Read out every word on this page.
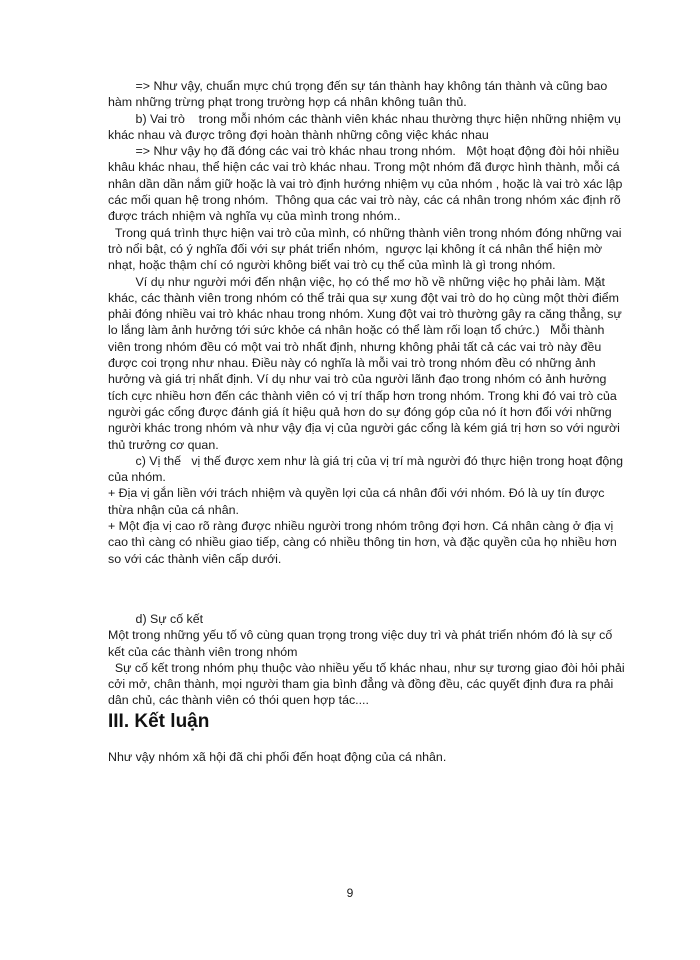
=> Như vậy, chuẩn mực chú trọng đến sự tán thành hay không tán thành và cũng bao hàm những trừng phạt trong trường hợp cá nhân không tuân thủ.

b) Vai trò    trong mỗi nhóm các thành viên khác nhau thường thực hiện những nhiệm vụ khác nhau và được trông đợi hoàn thành những công việc khác nhau

=> Như vậy họ đã đóng các vai trò khác nhau trong nhóm.   Một hoạt động đòi hỏi nhiều khâu khác nhau, thể hiện các vai trò khác nhau. Trong một nhóm đã được hình thành, mỗi cá nhân dần dần nắm giữ hoặc là vai trò định hướng nhiệm vụ của nhóm , hoặc là vai trò xác lập các mối quan hệ trong nhóm.  Thông qua các vai trò này, các cá nhân trong nhóm xác định rõ được trách nhiệm và nghĩa vụ của mình trong nhóm..

Trong quá trình thực hiện vai trò của mình, có những thành viên trong nhóm đóng những vai trò nổi bật, có ý nghĩa đối với sự phát triển nhóm,  ngược lại không ít cá nhân thể hiện mờ nhạt, hoặc thậm chí có người không biết vai trò cụ thể của mình là gì trong nhóm.

Ví dụ như người mới đến nhận việc, họ có thể mơ hồ về những việc họ phải làm. Mặt khác, các thành viên trong nhóm có thể trải qua sự xung đột vai trò do họ cùng một thời điểm phải đóng nhiều vai trò khác nhau trong nhóm. Xung đột vai trò thường gây ra căng thẳng, sự lo lắng làm ảnh hưởng tới sức khỏe cá nhân hoặc có thể làm rối loạn tổ chức.)   Mỗi thành viên trong nhóm đều có một vai trò nhất định, nhưng không phải tất cả các vai trò này đều được coi trọng như nhau. Điều này có nghĩa là mỗi vai trò trong nhóm đều có những ảnh hưởng và giá trị nhất định. Ví dụ như vai trò của người lãnh đạo trong nhóm có ảnh hưởng tích cực nhiều hơn đến các thành viên có vị trí thấp hơn trong nhóm. Trong khi đó vai trò của người gác cổng được đánh giá ít hiệu quả hơn do sự đóng góp của nó ít hơn đối với những người khác trong nhóm và như vậy địa vị của người gác cổng là kém giá trị hơn so với người thủ trưởng cơ quan.

c) Vị thế   vị thế được xem như là giá trị của vị trí mà người đó thực hiện trong hoạt động của nhóm.

+ Địa vị gắn liền với trách nhiệm và quyền lợi của cá nhân đối với nhóm. Đó là uy tín được thừa nhận của cá nhân.

+ Một địa vị cao rõ ràng được nhiều người trong nhóm trông đợi hơn. Cá nhân càng ở địa vị cao thì càng có nhiều giao tiếp, càng có nhiều thông tin hơn, và đặc quyền của họ nhiều hơn so với các thành viên cấp dưới.

d) Sự cố kết

Một trong những yếu tố vô cùng quan trọng trong việc duy trì và phát triển nhóm đó là sự cố kết của các thành viên trong nhóm

Sự cố kết trong nhóm phụ thuộc vào nhiều yếu tố khác nhau, như sự tương giao đòi hỏi phải cởi mở, chân thành, mọi người tham gia bình đẳng và đồng đều, các quyết định đưa ra phải dân chủ, các thành viên có thói quen hợp tác....

III. Kết luận

Như vậy nhóm xã hội đã chi phối đến hoạt động của cá nhân.

9
